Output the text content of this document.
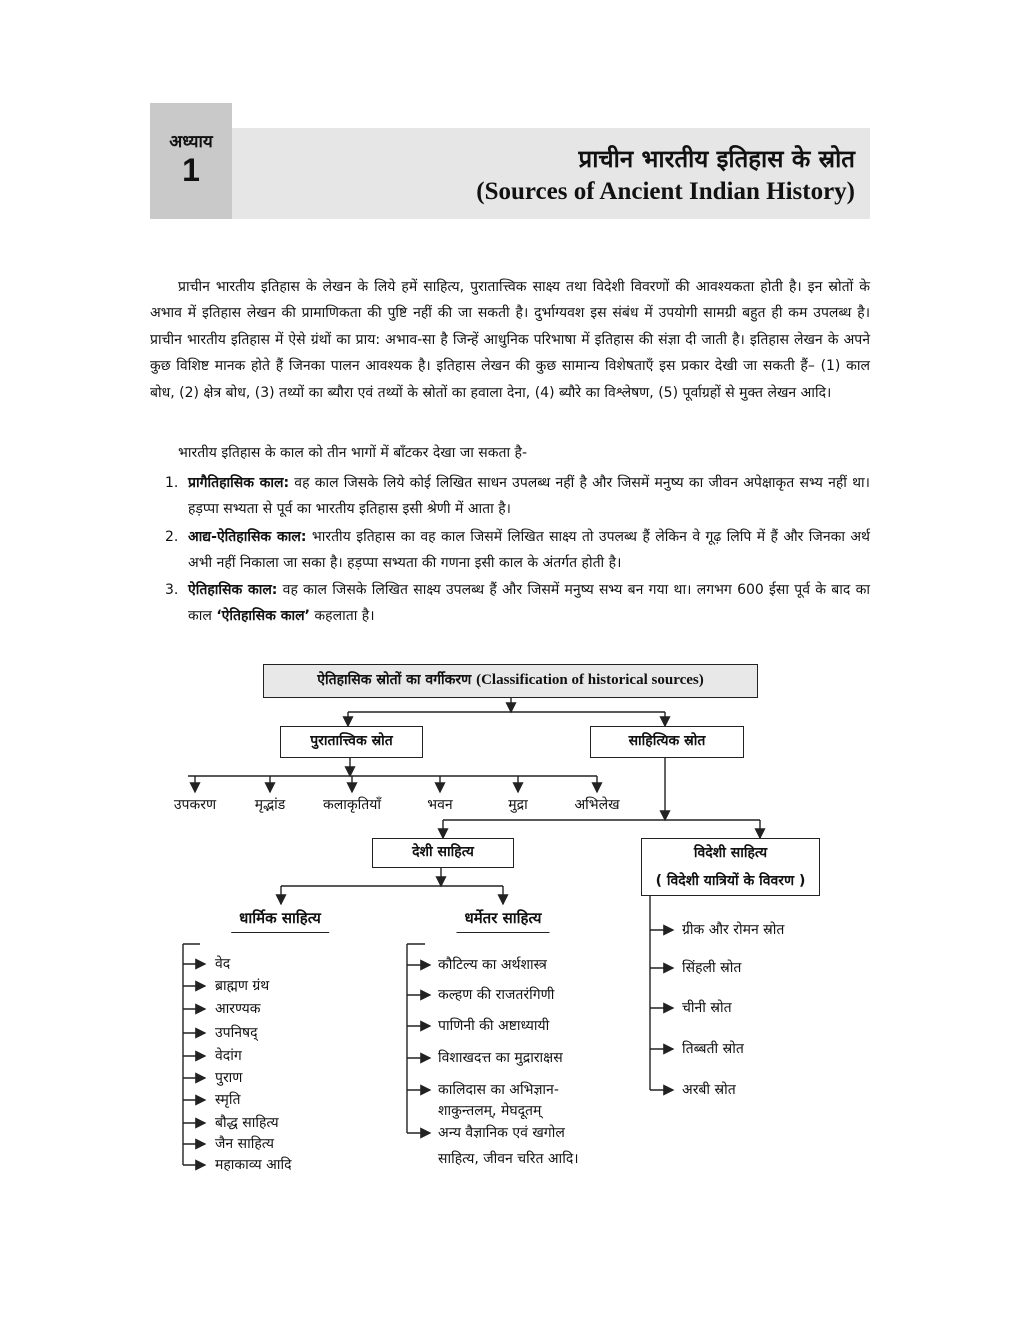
अध्याय
1	प्राचीन भारतीय इतिहास के स्रोत
(Sources of Ancient Indian History)
प्राचीन भारतीय इतिहास के लेखन के लिये हमें साहित्य, पुरातात्त्विक साक्ष्य तथा विदेशी विवरणों की आवश्यकता होती है। इन स्रोतों के अभाव में इतिहास लेखन की प्रामाणिकता की पुष्टि नहीं की जा सकती है। दुर्भाग्यवश इस संबंध में उपयोगी सामग्री बहुत ही कम उपलब्ध है। प्राचीन भारतीय इतिहास में ऐसे ग्रंथों का प्राय: अभाव-सा है जिन्हें आधुनिक परिभाषा में इतिहास की संज्ञा दी जाती है। इतिहास लेखन के अपने कुछ विशिष्ट मानक होते हैं जिनका पालन आवश्यक है। इतिहास लेखन की कुछ सामान्य विशेषताएँ इस प्रकार देखी जा सकती हैं– (1) काल बोध, (2) क्षेत्र बोध, (3) तथ्यों का ब्यौरा एवं तथ्यों के स्रोतों का हवाला देना, (4) ब्यौरे का विश्लेषण, (5) पूर्वाग्रहों से मुक्त लेखन आदि।
भारतीय इतिहास के काल को तीन भागों में बाँटकर देखा जा सकता है-
1. प्रागैतिहासिक काल: वह काल जिसके लिये कोई लिखित साधन उपलब्ध नहीं है और जिसमें मनुष्य का जीवन अपेक्षाकृत सभ्य नहीं था। हड़प्पा सभ्यता से पूर्व का भारतीय इतिहास इसी श्रेणी में आता है।
2. आद्य-ऐतिहासिक काल: भारतीय इतिहास का वह काल जिसमें लिखित साक्ष्य तो उपलब्ध हैं लेकिन वे गूढ़ लिपि में हैं और जिनका अर्थ अभी नहीं निकाला जा सका है। हड़प्पा सभ्यता की गणना इसी काल के अंतर्गत होती है।
3. ऐतिहासिक काल: वह काल जिसके लिखित साक्ष्य उपलब्ध हैं और जिसमें मनुष्य सभ्य बन गया था। लगभग 600 ईसा पूर्व के बाद का काल ‘ऐतिहासिक काल’ कहलाता है।
ऐतिहासिक स्रोतों का वर्गीकरण (Classification of historical sources)
पुरातात्त्विक स्रोत	साहित्यिक स्रोत
देशी साहित्य	विदेशी साहित्य
( विदेशी यात्रियों के विवरण )
धार्मिक साहित्य	धर्मेतर साहित्य
उपकरण	मृद्भांड	कलाकृतियाँ	भवन	मुद्रा	अभिलेख
वेद
ब्राह्मण ग्रंथ
आरण्यक
उपनिषद्
वेदांग
पुराण
स्मृति
बौद्ध साहित्य
जैन साहित्य
महाकाव्य आदि
कौटिल्य का अर्थशास्त्र
कल्हण की राजतरंगिणी
पाणिनी की अष्टाध्यायी
विशाखदत्त का मुद्राराक्षस
कालिदास का अभिज्ञान-
शाकुन्तलम्, मेघदूतम्
अन्य वैज्ञानिक एवं खगोल
साहित्य, जीवन चरित आदि।
ग्रीक और रोमन स्रोत
सिंहली स्रोत
चीनी स्रोत
तिब्बती स्रोत
अरबी स्रोत
